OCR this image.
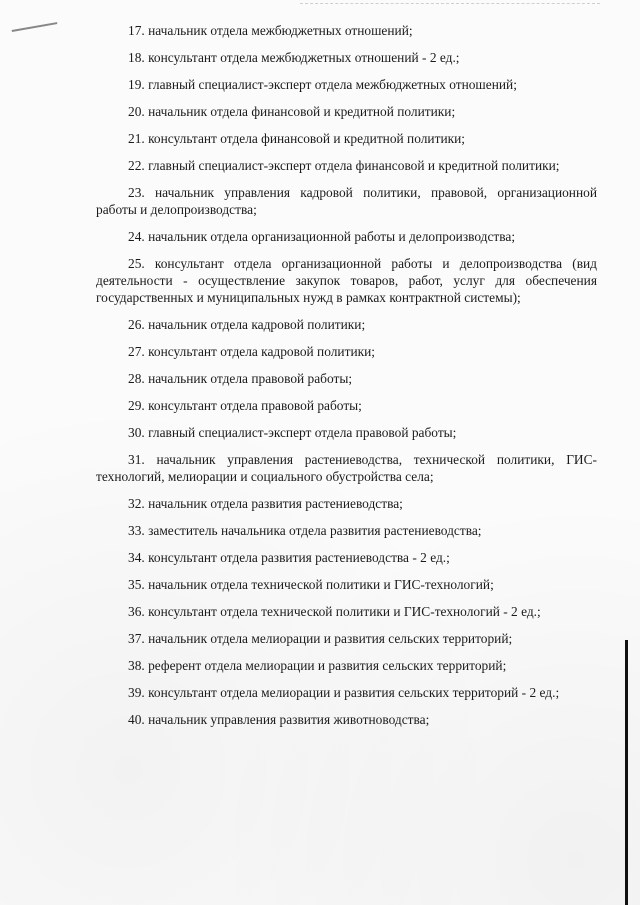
17. начальник отдела межбюджетных отношений;

18. консультант отдела межбюджетных отношений - 2 ед.;

19. главный специалист-эксперт отдела межбюджетных отношений;

20. начальник отдела финансовой и кредитной политики;

21. консультант отдела финансовой и кредитной политики;

22. главный специалист-эксперт отдела финансовой и кредитной политики;

23. начальник управления кадровой политики, правовой, организационной работы и делопроизводства;

24. начальник отдела организационной работы и делопроизводства;

25. консультант отдела организационной работы и делопроизводства (вид деятельности - осуществление закупок товаров, работ, услуг для обеспечения государственных и муниципальных нужд в рамках контрактной системы);

26. начальник отдела кадровой политики;

27. консультант отдела кадровой политики;

28. начальник отдела правовой работы;

29. консультант отдела правовой работы;

30. главный специалист-эксперт отдела правовой работы;

31. начальник управления растениеводства, технической политики, ГИС-технологий, мелиорации и социального обустройства села;

32. начальник отдела развития растениеводства;

33. заместитель начальника отдела развития растениеводства;

34. консультант отдела развития растениеводства - 2 ед.;

35. начальник отдела технической политики и ГИС-технологий;

36. консультант отдела технической политики и ГИС-технологий - 2 ед.;

37. начальник отдела мелиорации и развития сельских территорий;

38. референт отдела мелиорации и развития сельских территорий;

39. консультант отдела мелиорации и развития сельских территорий - 2 ед.;

40. начальник управления развития животноводства;
